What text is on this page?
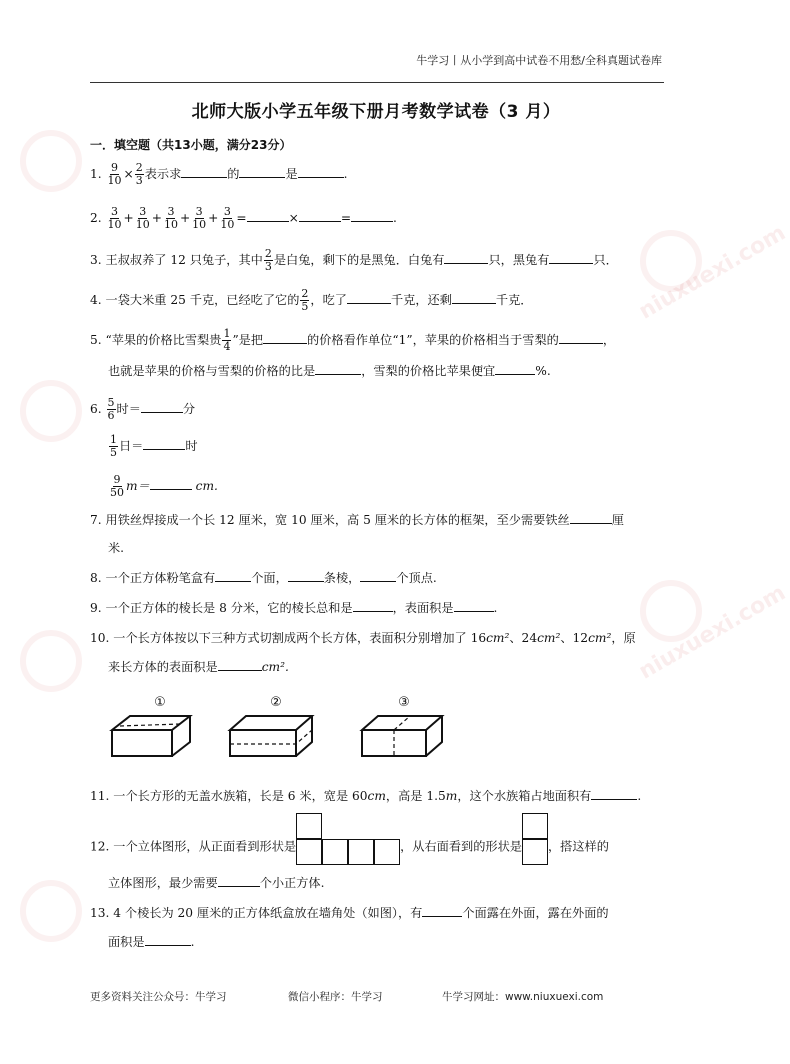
niuxuexi.com
niuxuexi.com
牛学习丨从小学到高中试卷不用愁/全科真题试卷库
北师大版小学五年级下册月考数学试卷（3 月）
一．填空题（共13小题，满分23分）
1. $\frac{9}{10} \times \frac{2}{3}$ 表示求	的	是	.
2. $\frac{3}{10} + \frac{3}{10} + \frac{3}{10} + \frac{3}{10} + \frac{3}{10}$ =	×	=	.
3. 王叔叔养了 12 只兔子，其中 $\frac{2}{3}$ 是白兔，剩下的是黑兔．白兔有	只，黑兔有	只．
4. 一袋大米重 25 千克，已经吃了它的 $\frac{2}{5}$ ，吃了	千克，还剩	千克．
5. “苹果的价格比雪梨贵 $\frac{1}{4}$ ”是把	的价格看作单位“1”，苹果的价格相当于雪梨的	，
也就是苹果的价格与雪梨的价格的比是	，雪梨的价格比苹果便宜	%.
6. $\frac{5}{6}$ 时＝	分
$\frac{1}{5}$ 日＝	时
$\frac{9}{50} m=$	cm.
7. 用铁丝焊接成一个长 12 厘米，宽 10 厘米，高 5 厘米的长方体的框架，至少需要铁丝	厘
米.
8. 一个正方体粉笔盒有	个面，	条棱，	个顶点.
9. 一个正方体的棱长是 8 分米，它的棱长总和是	，表面积是	.
10. 一个长方体按以下三种方式切割成两个长方体，表面积分别增加了 16cm²、24cm²、12cm²，原
来长方体的表面积是	cm².
①	②	③
11. 一个长方形的无盖水族箱，长是 6 米，宽是 60cm，高是 1.5m，这个水族箱占地面积有	.
12. 一个立体图形，从正面看到形状是	，从右面看到的形状是 ，搭这样的
立体图形，最少需要	个小正方体.
13. 4 个棱长为 20 厘米的正方体纸盒放在墙角处（如图），有	个面露在外面，露在外面的
面积是	.
更多资料关注公众号：牛学习	微信小程序：牛学习	牛学习网址：www.niuxuexi.com
